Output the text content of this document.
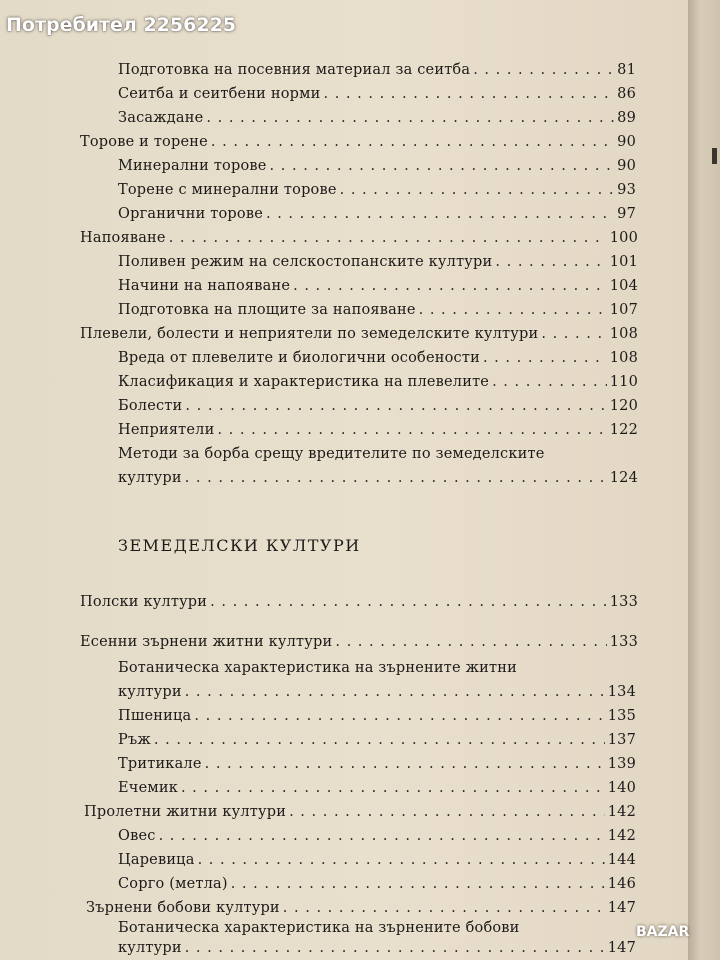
Подготовка на посевния материал за сеитба . . .	81
Сеитба и сеитбени норми . . .	86
Засаждане . . .	89
Торове и торене . . .	90
Минерални торове . . .	90
Торене с минерални торове . . .	93
Органични торове . . .	97
Напояване . . .	100
Поливен режим на селскостопанските култури . . .	101
Начини на напояване . . .	104
Подготовка на площите за напояване . . .	107
Плевели, болести и неприятели по земеделските култури . . .	108
Вреда от плевелите и биологични особености . . .	108
Класификация и характеристика на плевелите . . .	110
Болести . . .	120
Неприятели . . .	122
Методи за борба срещу вредителите по земеделските
култури . . .	124
ЗЕМЕДЕЛСКИ КУЛТУРИ
Полски култури . . .	133
Есенни зърнени житни култури . . .	133
Ботаническа характеристика на зърнените житни
култури . . .	134
Пшеница . . .	135
Ръж . . .	137
Тритикале . . .	139
Ечемик . . .	140
Пролетни житни култури . . .	142
Овес . . .	142
Царевица . . .	144
Сорго (метла) . . .	146
Зърнени бобови култури . . .	147
Ботаническа характеристика на зърнените бобови
култури . . .	147
Потребител 2256225
BAZAR
